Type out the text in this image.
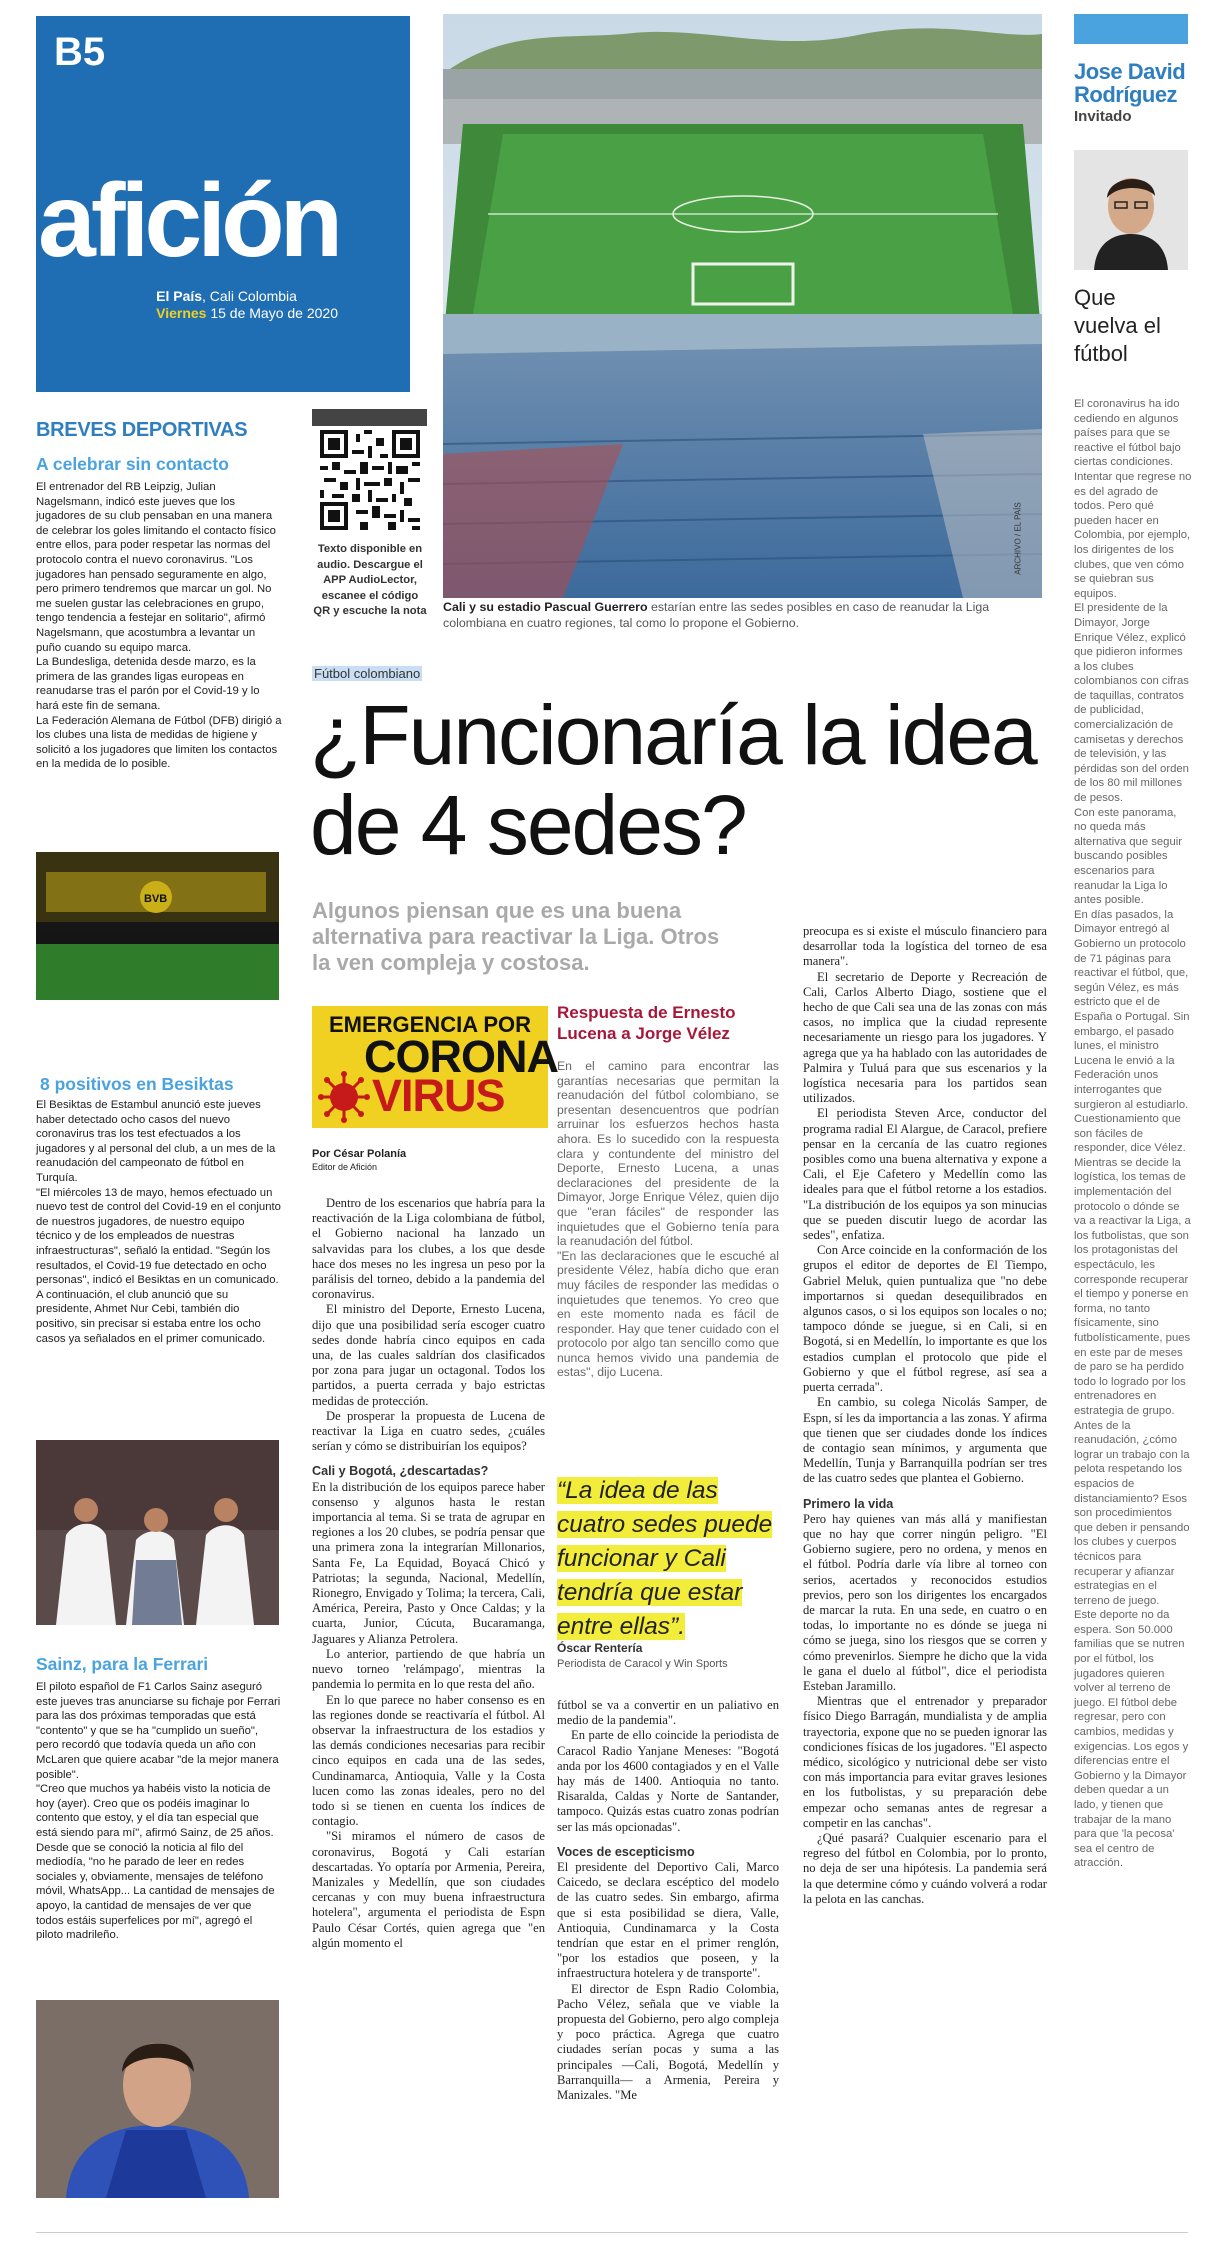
B5
afición
El País, Cali Colombia
Viernes 15 de Mayo de 2020
ARCHIVO / EL PAÍS
Cali y su estadio Pascual Guerrero estarían entre las sedes posibles en caso de reanudar la Liga colombiana en cuatro regiones, tal como lo propone el Gobierno.
Texto disponible en audio. Descargue el APP AudioLector, escanee el código QR y escuche la nota
Jose David
Rodríguez
Invitado
Que vuelva el fútbol

El coronavirus ha ido cediendo en algunos países para que se reactive el fútbol bajo ciertas condiciones. Intentar que regrese no es del agrado de todos. Pero qué pueden hacer en Colombia, por ejemplo, los dirigentes de los clubes, que ven cómo se quiebran sus equipos.

El presidente de la Dimayor, Jorge Enrique Vélez, explicó que pidieron informes a los clubes colombianos con cifras de taquillas, contratos de publicidad, comercialización de camisetas y derechos de televisión, y las pérdidas son del orden de los 80 mil millones de pesos.

Con este panorama, no queda más alternativa que seguir buscando posibles escenarios para reanudar la Liga lo antes posible.

En días pasados, la Dimayor entregó al Gobierno un protocolo de 71 páginas para reactivar el fútbol, que, según Vélez, es más estricto que el de España o Portugal. Sin embargo, el pasado lunes, el ministro Lucena le envió a la Federación unos interrogantes que surgieron al estudiarlo. Cuestionamiento que son fáciles de responder, dice Vélez.

Mientras se decide la logística, los temas de implementación del protocolo o dónde se va a reactivar la Liga, a los futbolistas, que son los protagonistas del espectáculo, les corresponde recuperar el tiempo y ponerse en forma, no tanto físicamente, sino futbolísticamente, pues en este par de meses de paro se ha perdido todo lo logrado por los entrenadores en estrategia de grupo. Antes de la reanudación, ¿cómo lograr un trabajo con la pelota respetando los espacios de distanciamiento? Esos son procedimientos que deben ir pensando los clubes y cuerpos técnicos para recuperar y afianzar estrategias en el terreno de juego.

Este deporte no da espera. Son 50.000 familias que se nutren por el fútbol, los jugadores quieren volver al terreno de juego. El fútbol debe regresar, pero con cambios, medidas y exigencias. Los egos y diferencias entre el Gobierno y la Dimayor deben quedar a un lado, y tienen que trabajar de la mano para que 'la pecosa' sea el centro de atracción.

BREVES DEPORTIVAS
A celebrar sin contacto

El entrenador del RB Leipzig, Julian Nagelsmann, indicó este jueves que los jugadores de su club pensaban en una manera de celebrar los goles limitando el contacto físico entre ellos, para poder respetar las normas del protocolo contra el nuevo coronavirus. "Los jugadores han pensado seguramente en algo, pero primero tendremos que marcar un gol. No me suelen gustar las celebraciones en grupo, tengo tendencia a festejar en solitario", afirmó Nagelsmann, que acostumbra a levantar un puño cuando su equipo marca.

La Bundesliga, detenida desde marzo, es la primera de las grandes ligas europeas en reanudarse tras el parón por el Covid-19 y lo hará este fin de semana.

La Federación Alemana de Fútbol (DFB) dirigió a los clubes una lista de medidas de higiene y solicitó a los jugadores que limiten los contactos en la medida de lo posible.

BVB
8 positivos en Besiktas

El Besiktas de Estambul anunció este jueves haber detectado ocho casos del nuevo coronavirus tras los test efectuados a los jugadores y al personal del club, a un mes de la reanudación del campeonato de fútbol en Turquía.

"El miércoles 13 de mayo, hemos efectuado un nuevo test de control del Covid-19 en el conjunto de nuestros jugadores, de nuestro equipo técnico y de los empleados de nuestras infraestructuras", señaló la entidad. "Según los resultados, el Covid-19 fue detectado en ocho personas", indicó el Besiktas en un comunicado.

A continuación, el club anunció que su presidente, Ahmet Nur Cebi, también dio positivo, sin precisar si estaba entre los ocho casos ya señalados en el primer comunicado.

Sainz, para la Ferrari

El piloto español de F1 Carlos Sainz aseguró este jueves tras anunciarse su fichaje por Ferrari para las dos próximas temporadas que está "contento" y que se ha "cumplido un sueño", pero recordó que todavía queda un año con McLaren que quiere acabar "de la mejor manera posible".

"Creo que muchos ya habéis visto la noticia de hoy (ayer). Creo que os podéis imaginar lo contento que estoy, y el día tan especial que está siendo para mí", afirmó Sainz, de 25 años. Desde que se conoció la noticia al filo del mediodía, "no he parado de leer en redes sociales y, obviamente, mensajes de teléfono móvil, WhatsApp... La cantidad de mensajes de apoyo, la cantidad de mensajes de ver que todos estáis superfelices por mí", agregó el piloto madrileño.

Fútbol colombiano
¿Funcionaría la idea de 4 sedes?
Algunos piensan que es una buena alternativa para reactivar la Liga. Otros la ven compleja y costosa.
EMERGENCIA POR
CORONA
VIRUS
Por César Polanía
Editor de Afición

Dentro de los escenarios que habría para la reactivación de la Liga colombiana de fútbol, el Gobierno nacional ha lanzado un salvavidas para los clubes, a los que desde hace dos meses no les ingresa un peso por la parálisis del torneo, debido a la pandemia del coronavirus.

El ministro del Deporte, Ernesto Lucena, dijo que una posibilidad sería escoger cuatro sedes donde habría cinco equipos en cada una, de las cuales saldrían dos clasificados por zona para jugar un octagonal. Todos los partidos, a puerta cerrada y bajo estrictas medidas de protección.

De prosperar la propuesta de Lucena de reactivar la Liga en cuatro sedes, ¿cuáles serían y cómo se distribuirían los equipos?

Cali y Bogotá, ¿descartadas?

En la distribución de los equipos parece haber consenso y algunos hasta le restan importancia al tema. Si se trata de agrupar en regiones a los 20 clubes, se podría pensar que una primera zona la integrarían Millonarios, Santa Fe, La Equidad, Boyacá Chicó y Patriotas; la segunda, Nacional, Medellín, Rionegro, Envigado y Tolima; la tercera, Cali, América, Pereira, Pasto y Once Caldas; y la cuarta, Junior, Cúcuta, Bucaramanga, Jaguares y Alianza Petrolera.

Lo anterior, partiendo de que habría un nuevo torneo 'relámpago', mientras la pandemia lo permita en lo que resta del año.

En lo que parece no haber consenso es en las regiones donde se reactivaría el fútbol. Al observar la infraestructura de los estadios y las demás condiciones necesarias para recibir cinco equipos en cada una de las sedes, Cundinamarca, Antioquia, Valle y la Costa lucen como las zonas ideales, pero no del todo si se tienen en cuenta los índices de contagio.

"Si miramos el número de casos de coronavirus, Bogotá y Cali estarían descartadas. Yo optaría por Armenia, Pereira, Manizales y Medellín, que son ciudades cercanas y con muy buena infraestructura hotelera", argumenta el periodista de Espn Paulo César Cortés, quien agrega que "en algún momento el

Respuesta de Ernesto Lucena a Jorge Vélez

En el camino para encontrar las garantías necesarias que permitan la reanudación del fútbol colombiano, se presentan desencuentros que podrían arruinar los esfuerzos hechos hasta ahora. Es lo sucedido con la respuesta clara y contundente del ministro del Deporte, Ernesto Lucena, a unas declaraciones del presidente de la Dimayor, Jorge Enrique Vélez, quien dijo que "eran fáciles" de responder las inquietudes que el Gobierno tenía para la reanudación del fútbol.

"En las declaraciones que le escuché al presidente Vélez, había dicho que eran muy fáciles de responder las medidas o inquietudes que tenemos. Yo creo que en este momento nada es fácil de responder. Hay que tener cuidado con el protocolo por algo tan sencillo como que nunca hemos vivido una pandemia de estas", dijo Lucena.

“La idea de las cuatro sedes puede funcionar y Cali tendría que estar entre ellas”.
Óscar Rentería
Periodista de Caracol y Win Sports

fútbol se va a convertir en un paliativo en medio de la pandemia".

En parte de ello coincide la periodista de Caracol Radio Yanjane Meneses: "Bogotá anda por los 4600 contagiados y en el Valle hay más de 1400. Antioquia no tanto. Risaralda, Caldas y Norte de Santander, tampoco. Quizás estas cuatro zonas podrían ser las más opcionadas".

Voces de escepticismo

El presidente del Deportivo Cali, Marco Caicedo, se declara escéptico del modelo de las cuatro sedes. Sin embargo, afirma que si esta posibilidad se diera, Valle, Antioquia, Cundinamarca y la Costa tendrían que estar en el primer renglón, "por los estadios que poseen, y la infraestructura hotelera y de transporte".

El director de Espn Radio Colombia, Pacho Vélez, señala que ve viable la propuesta del Gobierno, pero algo compleja y poco práctica. Agrega que cuatro ciudades serían pocas y suma a las principales —Cali, Bogotá, Medellín y Barranquilla— a Armenia, Pereira y Manizales. "Me

preocupa es si existe el músculo financiero para desarrollar toda la logística del torneo de esa manera".

El secretario de Deporte y Recreación de Cali, Carlos Alberto Diago, sostiene que el hecho de que Cali sea una de las zonas con más casos, no implica que la ciudad represente necesariamente un riesgo para los jugadores. Y agrega que ya ha hablado con las autoridades de Palmira y Tuluá para que sus escenarios y la logística necesaria para los partidos sean utilizados.

El periodista Steven Arce, conductor del programa radial El Alargue, de Caracol, prefiere pensar en la cercanía de las cuatro regiones posibles como una buena alternativa y expone a Cali, el Eje Cafetero y Medellín como las ideales para que el fútbol retorne a los estadios. "La distribución de los equipos ya son minucias que se pueden discutir luego de acordar las sedes", enfatiza.

Con Arce coincide en la conformación de los grupos el editor de deportes de El Tiempo, Gabriel Meluk, quien puntualiza que "no debe importarnos si quedan desequilibrados en algunos casos, o si los equipos son locales o no; tampoco dónde se juegue, si en Cali, si en Bogotá, si en Medellín, lo importante es que los estadios cumplan el protocolo que pide el Gobierno y que el fútbol regrese, así sea a puerta cerrada".

En cambio, su colega Nicolás Samper, de Espn, sí les da importancia a las zonas. Y afirma que tienen que ser ciudades donde los índices de contagio sean mínimos, y argumenta que Medellín, Tunja y Barranquilla podrían ser tres de las cuatro sedes que plantea el Gobierno.

Primero la vida

Pero hay quienes van más allá y manifiestan que no hay que correr ningún peligro. "El Gobierno sugiere, pero no ordena, y menos en el fútbol. Podría darle vía libre al torneo con serios, acertados y reconocidos estudios previos, pero son los dirigentes los encargados de marcar la ruta. En una sede, en cuatro o en todas, lo importante no es dónde se juega ni cómo se juega, sino los riesgos que se corren y cómo prevenirlos. Siempre he dicho que la vida le gana el duelo al fútbol", dice el periodista Esteban Jaramillo.

Mientras que el entrenador y preparador físico Diego Barragán, mundialista y de amplia trayectoria, expone que no se pueden ignorar las condiciones físicas de los jugadores. "El aspecto médico, sicológico y nutricional debe ser visto con más importancia para evitar graves lesiones en los futbolistas, y su preparación debe empezar ocho semanas antes de regresar a competir en las canchas".

¿Qué pasará? Cualquier escenario para el regreso del fútbol en Colombia, por lo pronto, no deja de ser una hipótesis. La pandemia será la que determine cómo y cuándo volverá a rodar la pelota en las canchas.
